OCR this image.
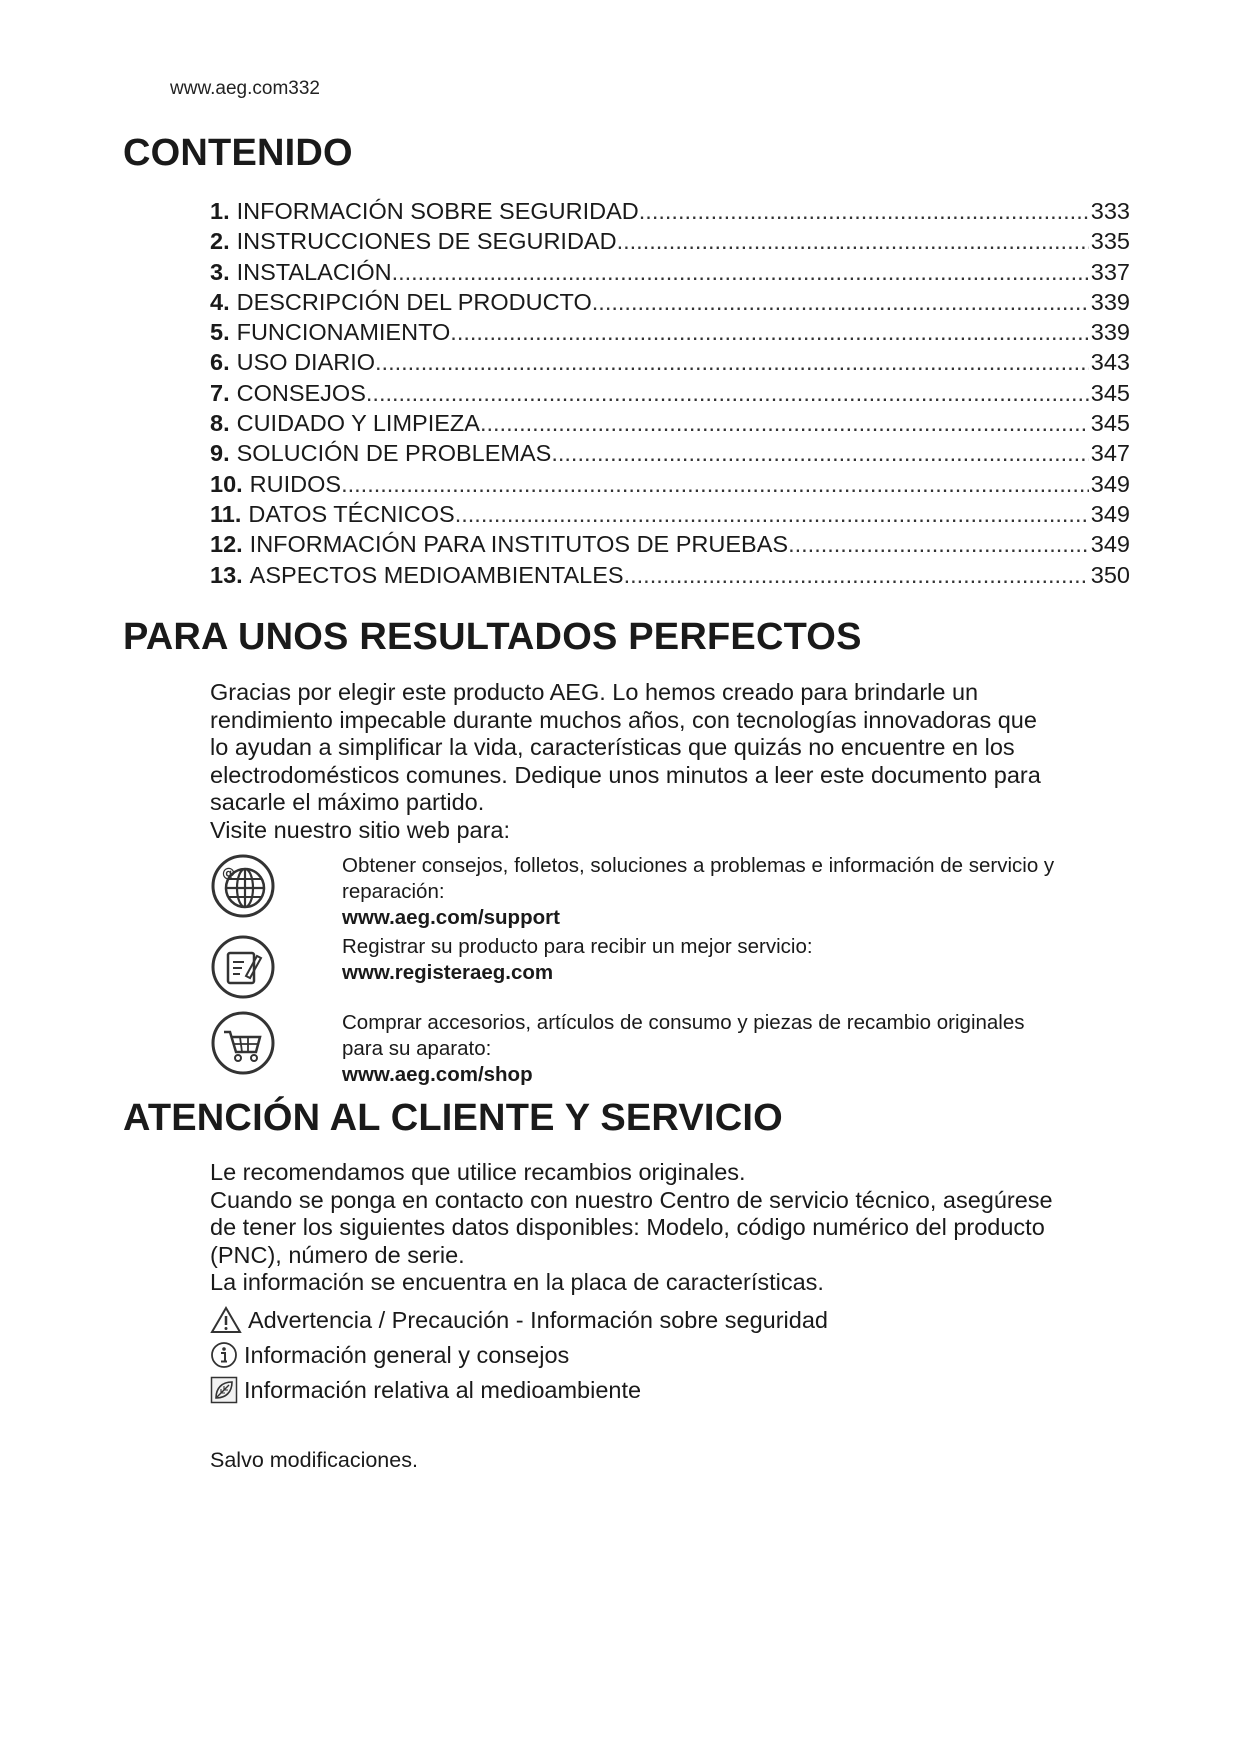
www.aeg.com332
CONTENIDO
1. INFORMACIÓN SOBRE SEGURIDAD .....	333
2. INSTRUCCIONES DE SEGURIDAD .....	335
3. INSTALACIÓN .....	337
4. DESCRIPCIÓN DEL PRODUCTO .....	339
5. FUNCIONAMIENTO .....	339
6. USO DIARIO .....	343
7. CONSEJOS .....	345
8. CUIDADO Y LIMPIEZA .....	345
9. SOLUCIÓN DE PROBLEMAS .....	347
10. RUIDOS .....	349
11. DATOS TÉCNICOS .....	349
12. INFORMACIÓN PARA INSTITUTOS DE PRUEBAS .....	349
13. ASPECTOS MEDIOAMBIENTALES .....	350
PARA UNOS RESULTADOS PERFECTOS

Gracias por elegir este producto AEG. Lo hemos creado para brindarle un

rendimiento impecable durante muchos años, con tecnologías innovadoras que

lo ayudan a simplificar la vida, características que quizás no encuentre en los

electrodomésticos comunes. Dedique unos minutos a leer este documento para

sacarle el máximo partido.

Visite nuestro sitio web para:

@	Obtener consejos, folletos, soluciones a problemas e información de servicio y
reparación:
www.aeg.com/support
Registrar su producto para recibir un mejor servicio:
www.registeraeg.com
Comprar accesorios, artículos de consumo y piezas de recambio originales
para su aparato:
www.aeg.com/shop
ATENCIÓN AL CLIENTE Y SERVICIO

Le recomendamos que utilice recambios originales.

Cuando se ponga en contacto con nuestro Centro de servicio técnico, asegúrese

de tener los siguientes datos disponibles: Modelo, código numérico del producto

(PNC), número de serie.

La información se encuentra en la placa de características.

Advertencia / Precaución - Información sobre seguridad
Información general y consejos
Información relativa al medioambiente
Salvo modificaciones.
